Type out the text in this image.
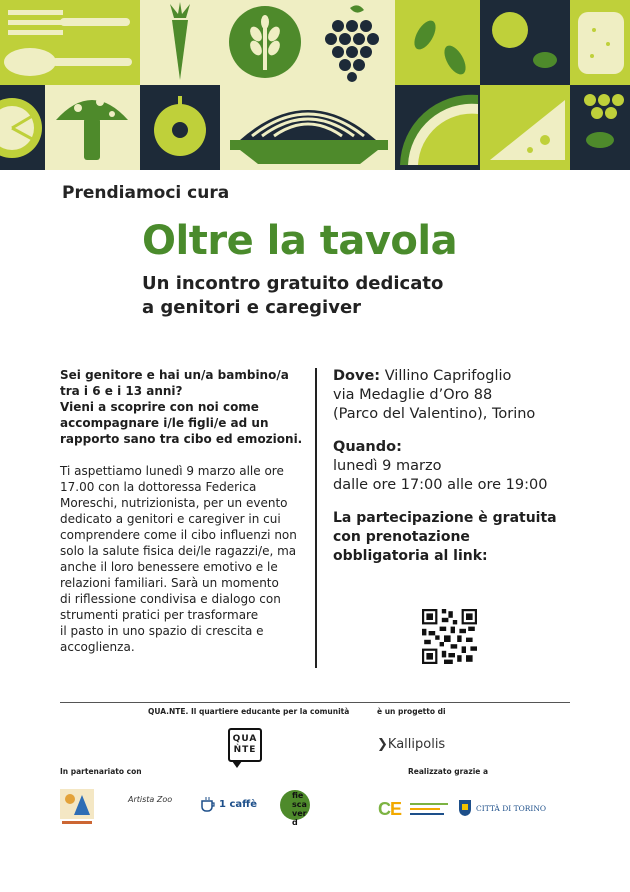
Prendiamoci cura
Oltre la tavola
Un incontro gratuito dedicato
a genitori e caregiver
Sei genitore e hai un/a bambino/a
tra i 6 e i 13 anni?
Vieni a scoprire con noi come
accompagnare i/le figli/e ad un
rapporto sano tra cibo ed emozioni.
Ti aspettiamo lunedì 9 marzo alle ore
17.00 con la dottoressa Federica
Moreschi, nutrizionista, per un evento
dedicato a genitori e caregiver in cui
comprendere come il cibo influenzi non
solo la salute fisica dei/le ragazzi/e, ma
anche il loro benessere emotivo e le
relazioni familiari. Sarà un momento
di riflessione condivisa e dialogo con
strumenti pratici per trasformare
il pasto in uno spazio di crescita e
accoglienza.
Dove: Villino Caprifoglio
via Medaglie d’Oro 88
(Parco del Valentino), Torino
Quando:
lunedì 9 marzo
dalle ore 17:00 alle ore 19:00
La partecipazione è gratuita
con prenotazione
obbligatoria al link:
QUA.NTE. Il quartiere educante per la comunità	è un progetto di
QUA
ǸTE	❯Kallipolis
In partenariato con	Realizzato grazie a
Artista Zoo	1 caffè
fie
sca
ver
d
C E	CITTÀ DI TORINO
